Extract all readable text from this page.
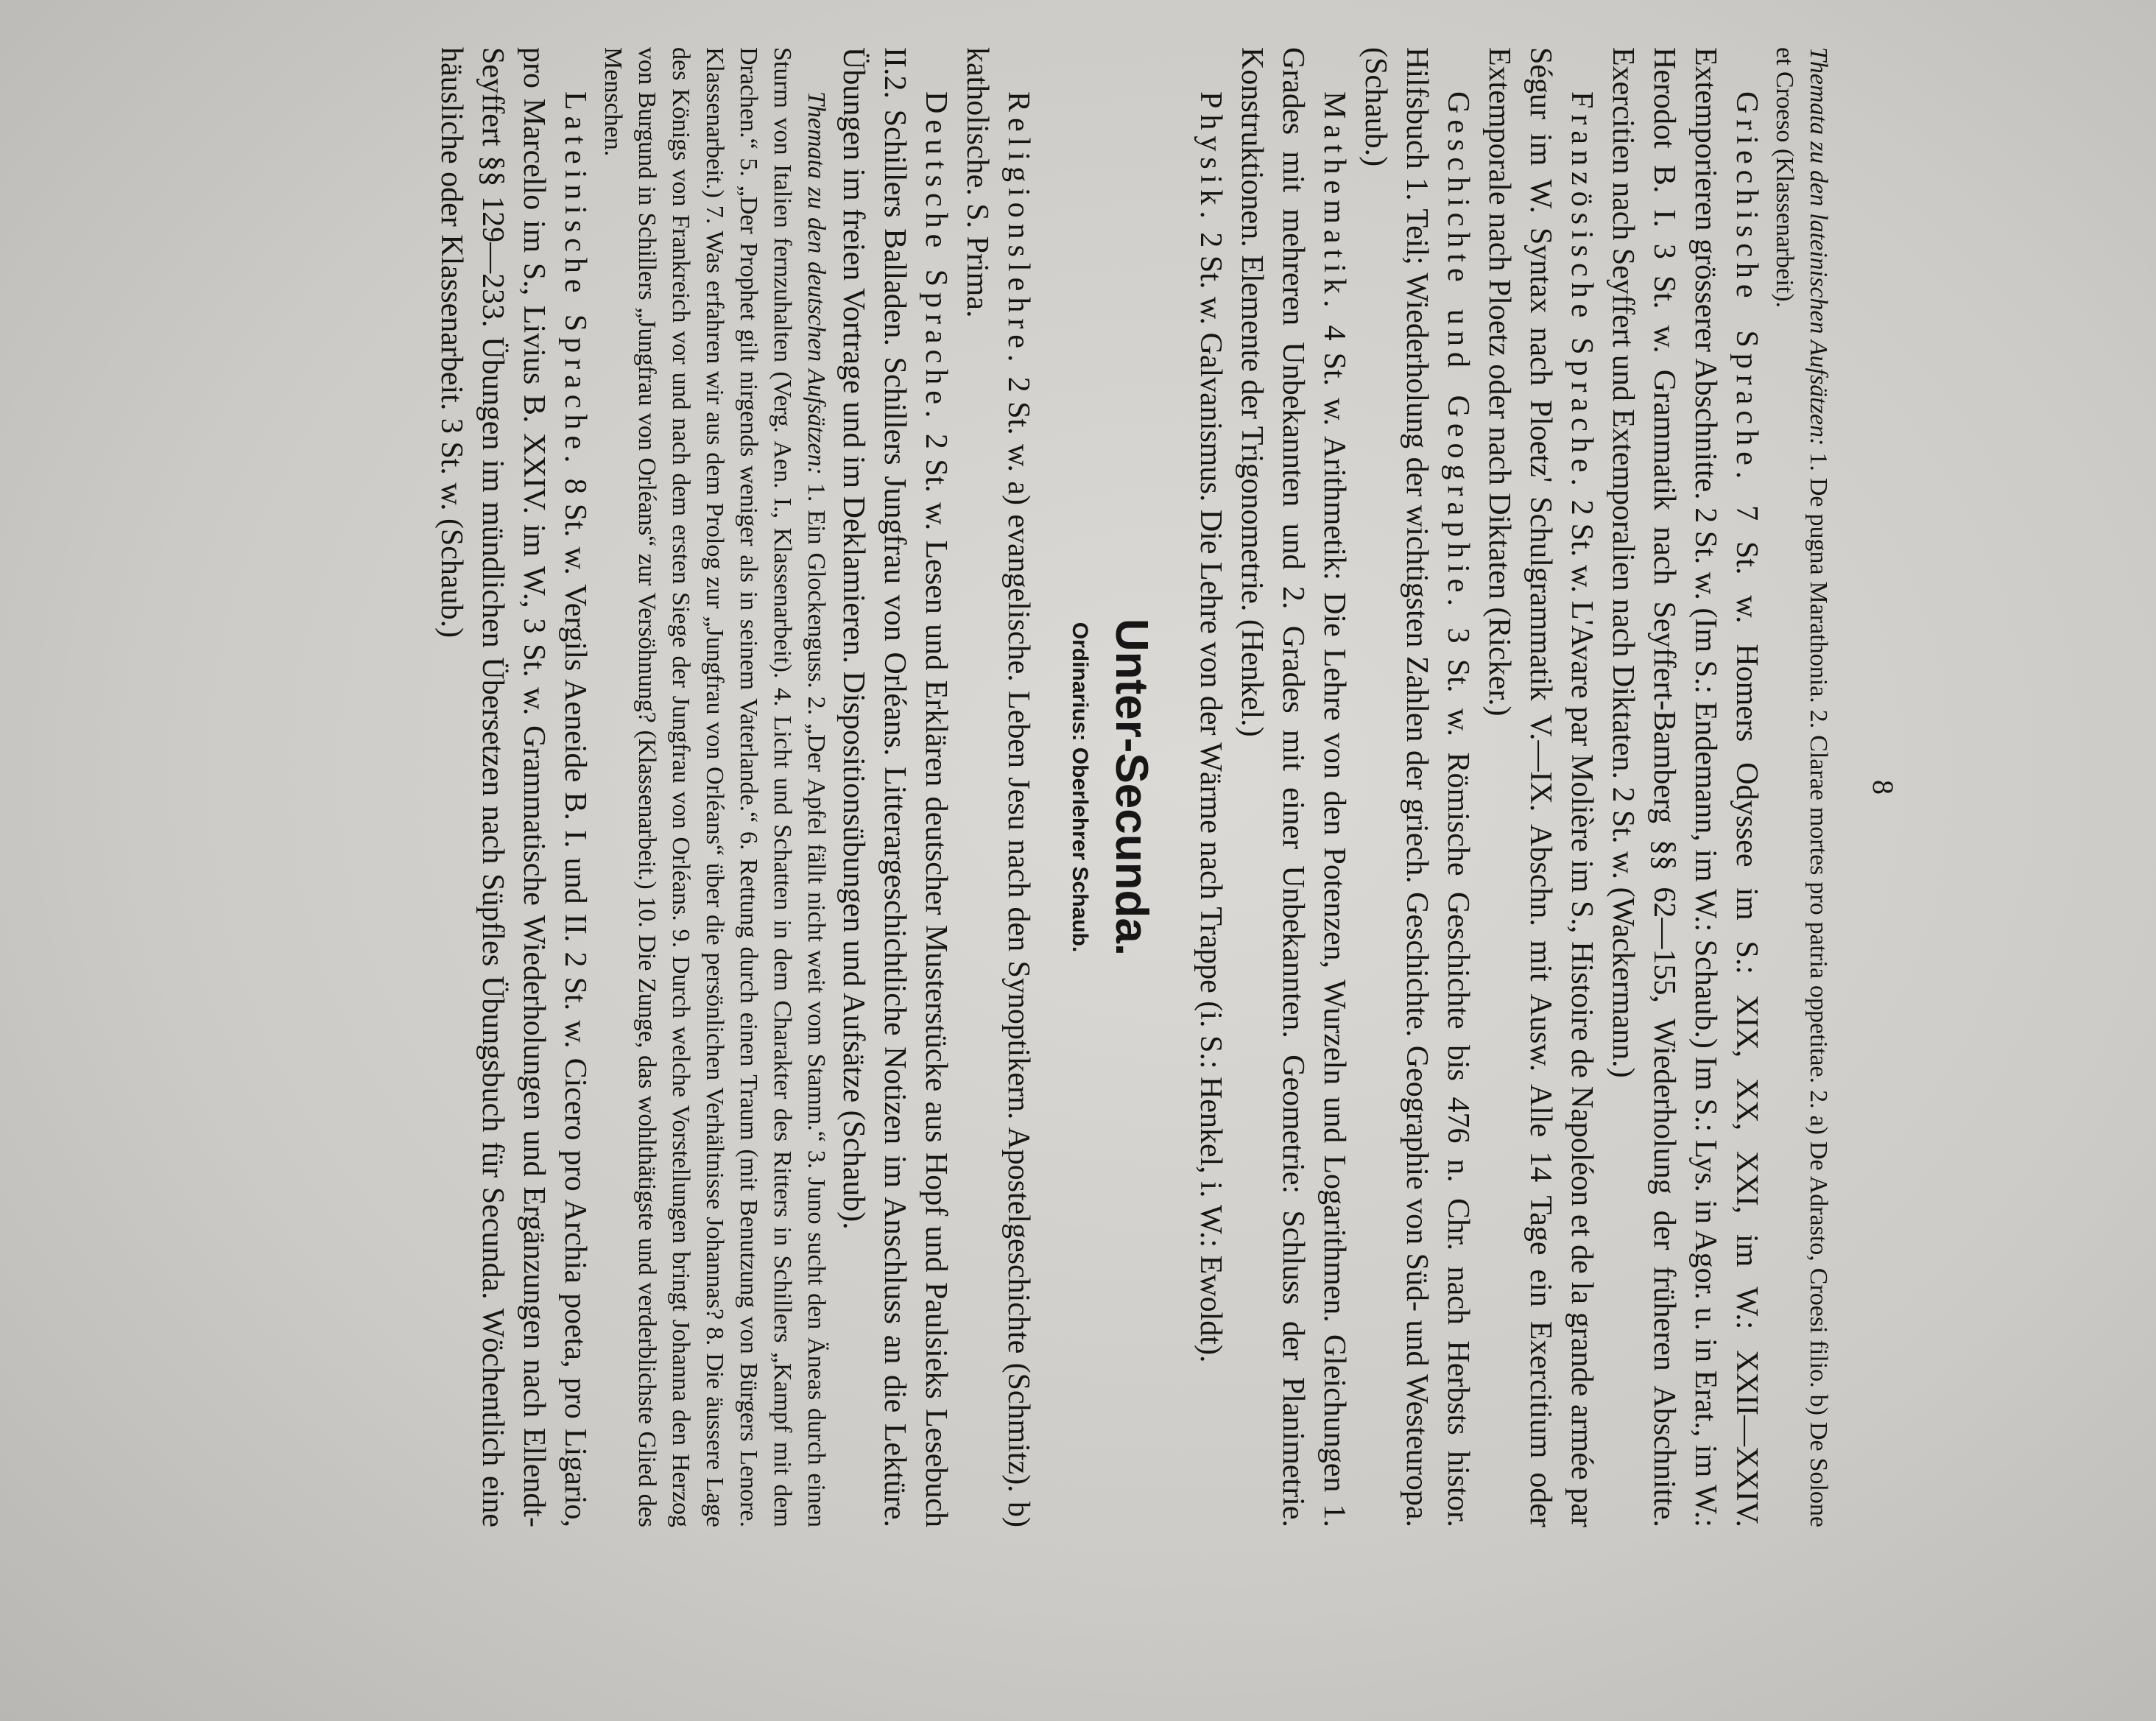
8

Themata zu den lateinischen Aufsätzen: 1. De pugna Marathonia. 2. Clarae mortes pro patria oppetitae. 2. a) De Adrasto, Croesi filio. b) De Solone et Croeso (Klassenarbeit).

Griechische Sprache. 7 St. w. Homers Odyssee im S.: XIX, XX, XXI, im W.: XXII—XXIV. Extemporieren grösserer Abschnitte. 2 St. w. (Im S.: Endemann, im W.: Schaub.) Im S.: Lys. in Agor. u. in Erat., im W.: Herodot B. I. 3 St. w. Grammatik nach Seyffert-Bamberg §§ 62—155, Wiederholung der früheren Abschnitte. Exercitien nach Seyffert und Extemporalien nach Diktaten. 2 St. w. (Wackermann.)

Französische Sprache. 2 St. w. L'Avare par Molière im S., Histoire de Napoléon et de la grande armée par Ségur im W. Syntax nach Ploetz' Schulgrammatik V.—IX. Abschn. mit Ausw. Alle 14 Tage ein Exercitium oder Extemporale nach Ploetz oder nach Diktaten (Ricker.)

Geschichte und Geographie. 3 St. w. Römische Geschichte bis 476 n. Chr. nach Herbsts histor. Hilfsbuch 1. Teil; Wiederholung der wichtigsten Zahlen der griech. Geschichte. Geographie von Süd- und Westeuropa. (Schaub.)

Mathematik. 4 St. w. Arithmetik: Die Lehre von den Potenzen, Wurzeln und Logarithmen. Gleichungen 1. Grades mit mehreren Unbekannten und 2. Grades mit einer Unbekannten. Geometrie: Schluss der Planimetrie. Konstruktionen. Elemente der Trigonometrie. (Henkel.)

Physik. 2 St. w. Galvanismus. Die Lehre von der Wärme nach Trappe (i. S.: Henkel, i. W.: Ewoldt).

Unter-Secunda.
Ordinarius: Oberlehrer Schaub.

Religionslehre. 2 St. w. a) evangelische. Leben Jesu nach den Synoptikern. Apostelgeschichte (Schmitz). b) katholische. S. Prima.

Deutsche Sprache. 2 St. w. Lesen und Erklären deutscher Musterstücke aus Hopf und Paulsieks Lesebuch II.2. Schillers Balladen. Schillers Jungfrau von Orléans. Litterargeschichtliche Notizen im Anschluss an die Lektüre. Übungen im freien Vortrage und im Deklamieren. Dispositionsübungen und Aufsätze (Schaub).

Themata zu den deutschen Aufsätzen: 1. Ein Glockenguss. 2. „Der Apfel fällt nicht weit vom Stamm.“ 3. Juno sucht den Äneas durch einen Sturm von Italien fernzuhalten (Verg. Aen. I., Klassenarbeit). 4. Licht und Schatten in dem Charakter des Ritters in Schillers „Kampf mit dem Drachen.“ 5. „Der Prophet gilt nirgends weniger als in seinem Vaterlande.“ 6. Rettung durch einen Traum (mit Benutzung von Bürgers Lenore. Klassenarbeit.) 7. Was erfahren wir aus dem Prolog zur „Jungfrau von Orléans“ über die persönlichen Verhältnisse Johannas? 8. Die äussere Lage des Königs von Frankreich vor und nach dem ersten Siege der Jungfrau von Orléans. 9. Durch welche Vorstellungen bringt Johanna den Herzog von Burgund in Schillers „Jungfrau von Orléans“ zur Versöhnung? (Klassenarbeit.) 10. Die Zunge, das wohlthätigste und verderblichste Glied des Menschen.

Lateinische Sprache. 8 St. w. Vergils Aeneide B. I. und II. 2 St. w. Cicero pro Archia poeta, pro Ligario, pro Marcello im S., Livius B. XXIV. im W., 3 St. w. Grammatische Wiederholungen und Ergänzungen nach Ellendt-Seyffert §§ 129—233. Übungen im mündlichen Übersetzen nach Süpfles Übungsbuch für Secunda. Wöchentlich eine häusliche oder Klassenarbeit. 3 St. w. (Schaub.)
